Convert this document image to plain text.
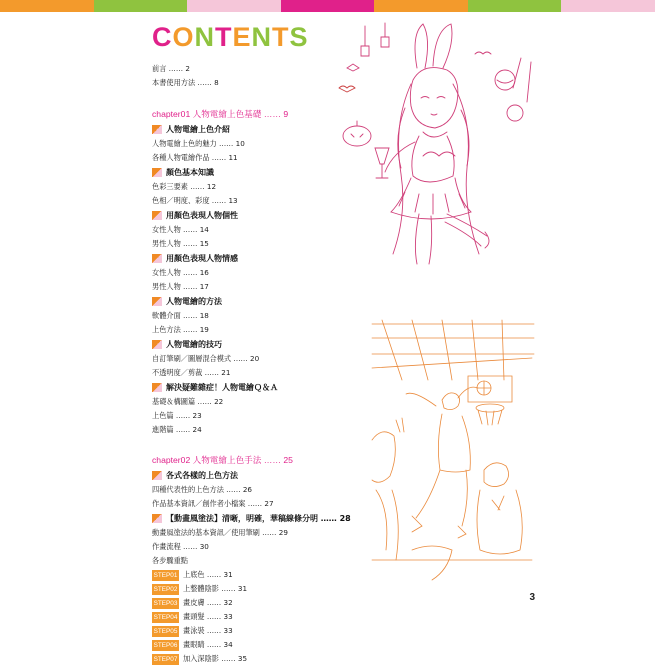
CONTENTS
前言 …… 2
本書使用方法 …… 8
chapter01 人物電繪上色基礎 …… 9
人物電繪上色介紹
人物電繪上色的魅力 …… 10
各種人物電繪作品 …… 11
顏色基本知識
色彩三要素 …… 12
色相／明度、彩度 …… 13
用顏色表現人物個性
女性人物 …… 14
男性人物 …… 15
用顏色表現人物情感
女性人物 …… 16
男性人物 …… 17
人物電繪的方法
軟體介面 …… 18
上色方法 …… 19
人物電繪的技巧
自訂筆刷／圖層混合模式 …… 20
不透明度／剪裁 …… 21
解決疑難雜症！人物電繪Ｑ＆Ａ
基礎＆構圖篇 …… 22
上色篇 …… 23
進階篇 …… 24
chapter02 人物電繪上色手法 …… 25
各式各樣的上色方法
四種代表性的上色方法 …… 26
作品基本資訊／創作者小檔案 …… 27
【動畫風塗法】清晰，明確，華稿線條分明 …… 28
動畫風塗法的基本資訊／使用筆刷 …… 29
作畫流程 …… 30
各步驟重點
STEP01 上底色 …… 31
STEP02 上整體陰影 …… 31
STEP03 畫皮膚 …… 32
STEP04 畫頭髮 …… 33
STEP05 畫泳裝 …… 33
STEP06 畫眼睛 …… 34
STEP07 加入深陰影 …… 35
3
